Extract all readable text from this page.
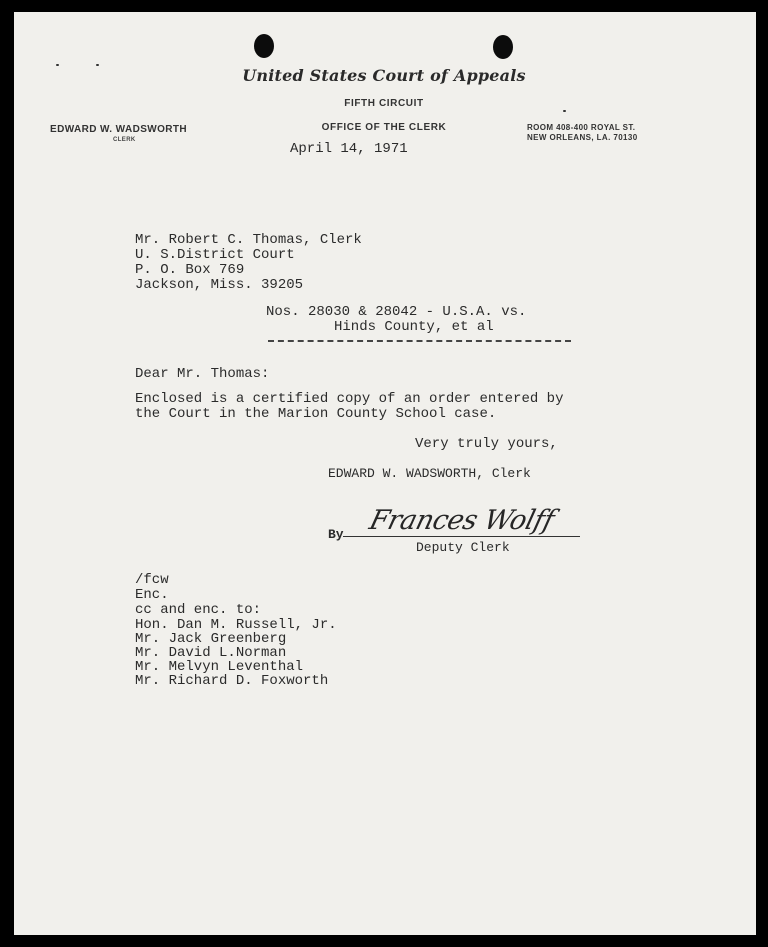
United States Court of Appeals
FIFTH CIRCUIT
OFFICE OF THE CLERK
EDWARD W. WADSWORTH
CLERK
ROOM 408-400 ROYAL ST.
NEW ORLEANS, LA. 70130
April 14, 1971
Mr. Robert C. Thomas, Clerk
U. S.District Court
P. O. Box 769
Jackson, Miss. 39205
Nos. 28030 & 28042 - U.S.A. vs.
Hinds County, et al
Dear Mr. Thomas:
Enclosed is a certified copy of an order entered by
the Court in the Marion County School case.
Very truly yours,
EDWARD W. WADSWORTH, Clerk
By Frances Wolff
Deputy Clerk
/fcw
Enc.
cc and enc. to:
Hon. Dan M. Russell, Jr.
Mr. Jack Greenberg
Mr. David L.Norman
Mr. Melvyn Leventhal
Mr. Richard D. Foxworth
